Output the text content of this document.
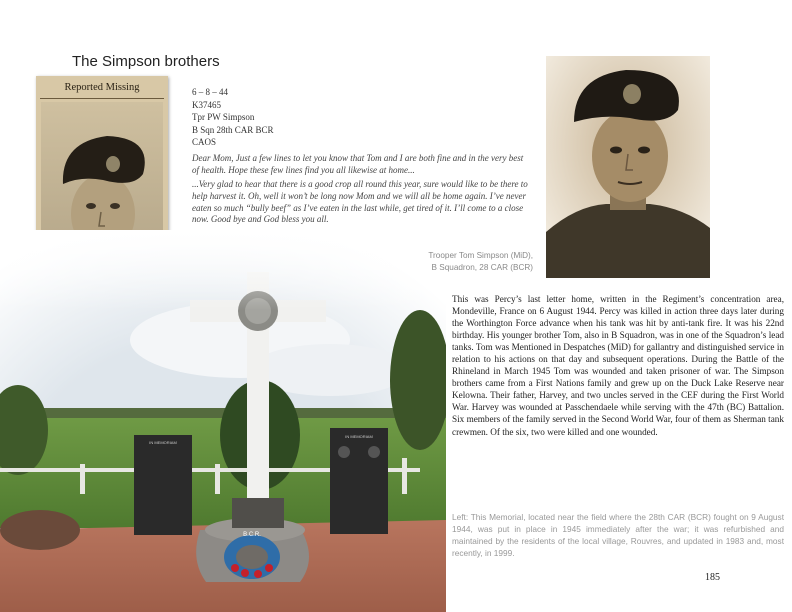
The Simpson brothers
Reported Missing	6 – 8 – 44
K37465
Tpr PW Simpson
B Sqn 28th CAR BCR
CAOS
Dear Mom, Just a few lines to let you know that Tom and I are both fine and in the very best of health. Hope these few lines find you all likewise at home...
...Very glad to hear that there is a good crop all round this year, sure would like to be there to help harvest it. Oh, well it won’t be long now Mom and we will all be home again. I’ve never eaten so much “bully beef” as I’ve eaten in the last while, get tired of it. I’ll come to a close now. Good bye and God bless you all.
IN MEMORIAM
IN MEMORIAM
B.C.R.
Trooper Tom Simpson (MiD),
B Squadron, 28 CAR (BCR)
This was Percy’s last letter home, written in the Regiment’s concentration area, Mondeville, France on 6 August 1944. Percy was killed in action three days later during the Worthington Force advance when his tank was hit by anti-tank fire. It was his 22nd birthday. His younger brother Tom, also in B Squadron, was in one of the Squadron’s lead tanks. Tom was Mentioned in Despatches (MiD) for gallantry and distinguished service in relation to his actions on that day and subsequent operations. During the Battle of the Rhineland in March 1945 Tom was wounded and taken prisoner of war. The Simpson brothers came from a First Nations family and grew up on the Duck Lake Reserve near Kelowna. Their father, Harvey, and two uncles served in the CEF during the First World War. Harvey was wounded at Passchendaele while serving with the 47th (BC) Battalion. Six members of the family served in the Second World War, four of them as Sherman tank crewmen. Of the six, two were killed and one wounded.
Left: This Memorial, located near the field where the 28th CAR (BCR) fought on 9 August 1944, was put in place in 1945 immediately after the war; it was refurbished and maintained by the residents of the local village, Rouvres, and updated in 1983 and, most recently, in 1999.
185
